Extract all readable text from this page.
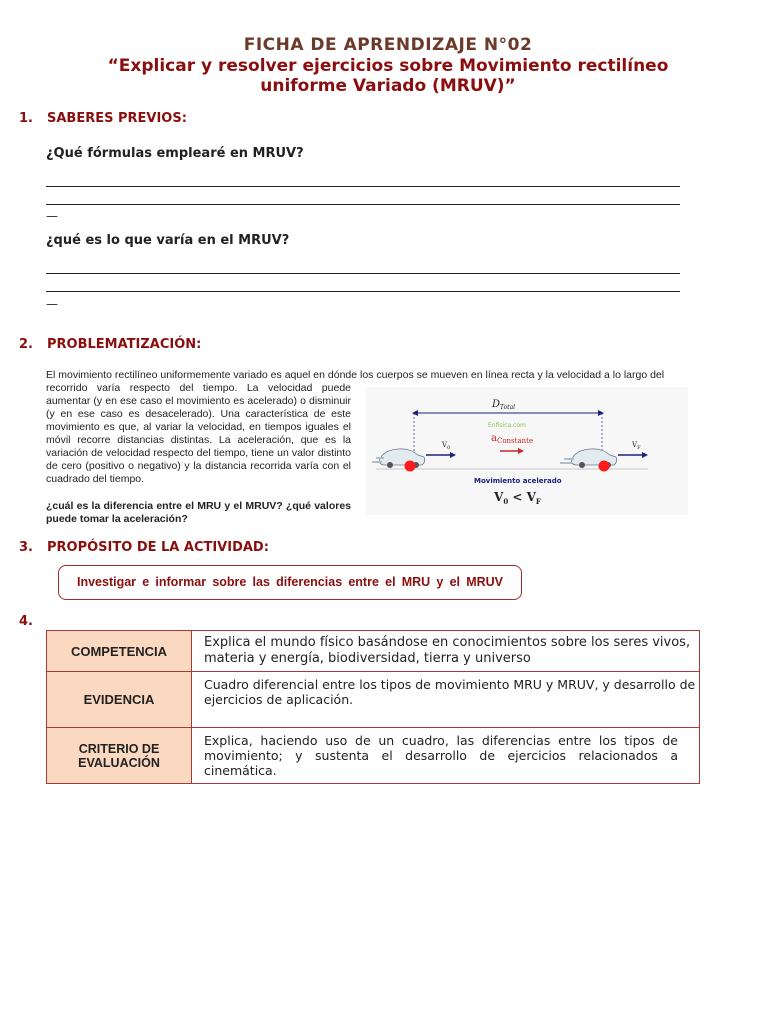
FICHA DE APRENDIZAJE N°02
“Explicar y resolver ejercicios sobre Movimiento rectilíneo
uniforme Variado (MRUV)”
1. SABERES PREVIOS:
¿Qué fórmulas emplearé en MRUV?
—
¿qué es lo que varía en el MRUV?
—
2. PROBLEMATIZACIÓN:
El movimiento rectilíneo uniformemente variado es aquel en dónde los cuerpos se mueven en línea recta y la velocidad a lo largo del
recorrido varía respecto del tiempo. La velocidad puede aumentar (y en ese caso el movimiento es acelerado) o disminuir (y en ese caso es desacelerado). Una característica de este movimiento es que, al variar la velocidad, en tiempos iguales el móvil recorre distancias distintas. La aceleración, que es la variación de velocidad respecto del tiempo, tiene un valor distinto de cero (positivo o negativo) y la distancia recorrida varía con el cuadrado del tiempo.
¿cuál es la diferencia entre el MRU y el MRUV? ¿qué valores puede tomar la aceleración?
$D_{Total}$
Enfisica.com
$a_{Constante}$
$V_0$	$V_F$
Movimiento acelerado
$V_0 < V_F$
3. PROPÓSITO DE LA ACTIVIDAD:
Investigar e informar sobre las diferencias entre el MRU y el MRUV
4.
COMPETENCIA	Explica el mundo físico basándose en conocimientos sobre los seres vivos, materia y energía, biodiversidad, tierra y universo
EVIDENCIA	Cuadro diferencial entre los tipos de movimiento MRU y MRUV, y desarrollo de ejercicios de aplicación.
CRITERIO DE EVALUACIÓN	Explica, haciendo uso de un cuadro, las diferencias entre los tipos de movimiento; y sustenta el desarrollo de ejercicios relacionados a cinemática.
